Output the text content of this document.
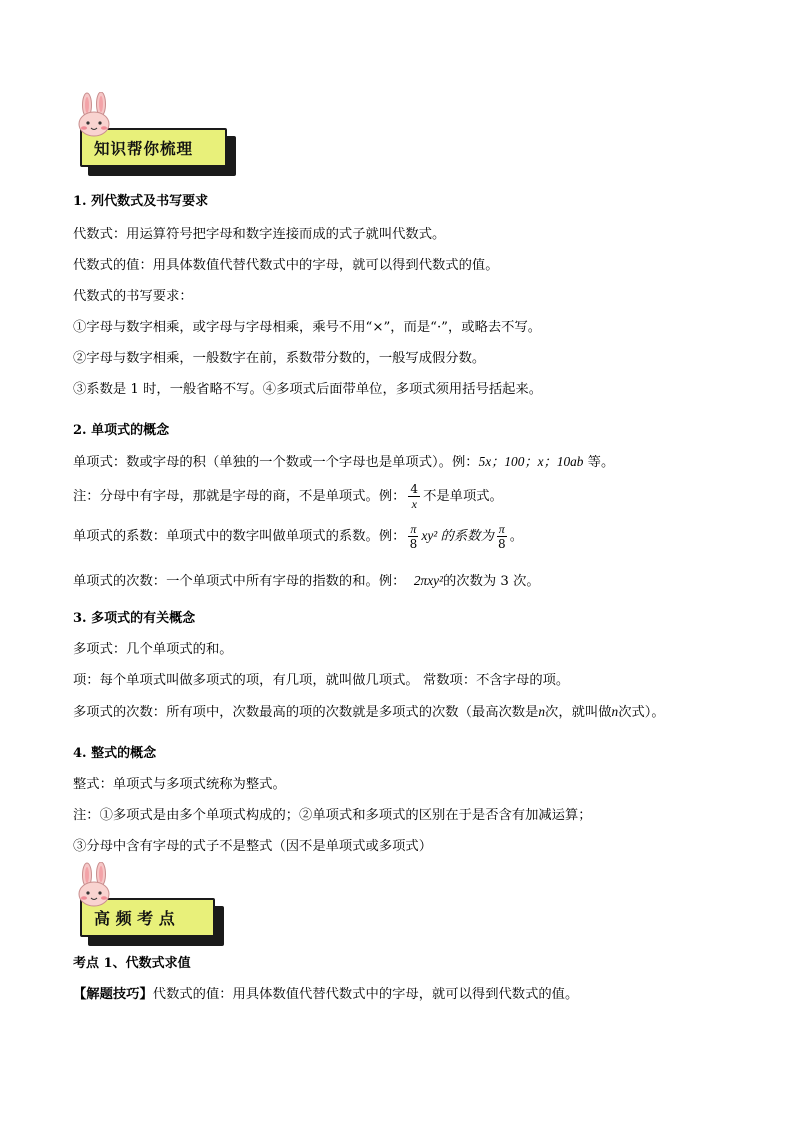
知识帮你梳理
1. 列代数式及书写要求
代数式：用运算符号把字母和数字连接而成的式子就叫代数式。
代数式的值：用具体数值代替代数式中的字母，就可以得到代数式的值。
代数式的书写要求：
①字母与数字相乘，或字母与字母相乘，乘号不用“×”，而是“·”，或略去不写。
②字母与数字相乘，一般数字在前，系数带分数的，一般写成假分数。
③系数是 1 时，一般省略不写。④多项式后面带单位，多项式须用括号括起来。
2. 单项式的概念
单项式：数或字母的积（单独的一个数或一个字母也是单项式）。例：5x；100；x；10ab 等。
注：分母中有字母，那就是字母的商，不是单项式。例： $\frac{4}{x}$ 不是单项式。
单项式的系数：单项式中的数字叫做单项式的系数。例： $\frac{\pi}{8} xy^2$ 的系数为 $\frac{\pi}{8}$ 。
单项式的次数：一个单项式中所有字母的指数的和。例： 2πxy²的次数为 3 次。
3. 多项式的有关概念
多项式：几个单项式的和。
项：每个单项式叫做多项式的项，有几项，就叫做几项式。 常数项：不含字母的项。
多项式的次数：所有项中，次数最高的项的次数就是多项式的次数（最高次数是n次，就叫做n次式）。
4. 整式的概念
整式：单项式与多项式统称为整式。
注：①多项式是由多个单项式构成的；②单项式和多项式的区别在于是否含有加减运算；
③分母中含有字母的式子不是整式（因不是单项式或多项式）
高 频 考 点
考点 1、代数式求值
【解题技巧】代数式的值：用具体数值代替代数式中的字母，就可以得到代数式的值。
